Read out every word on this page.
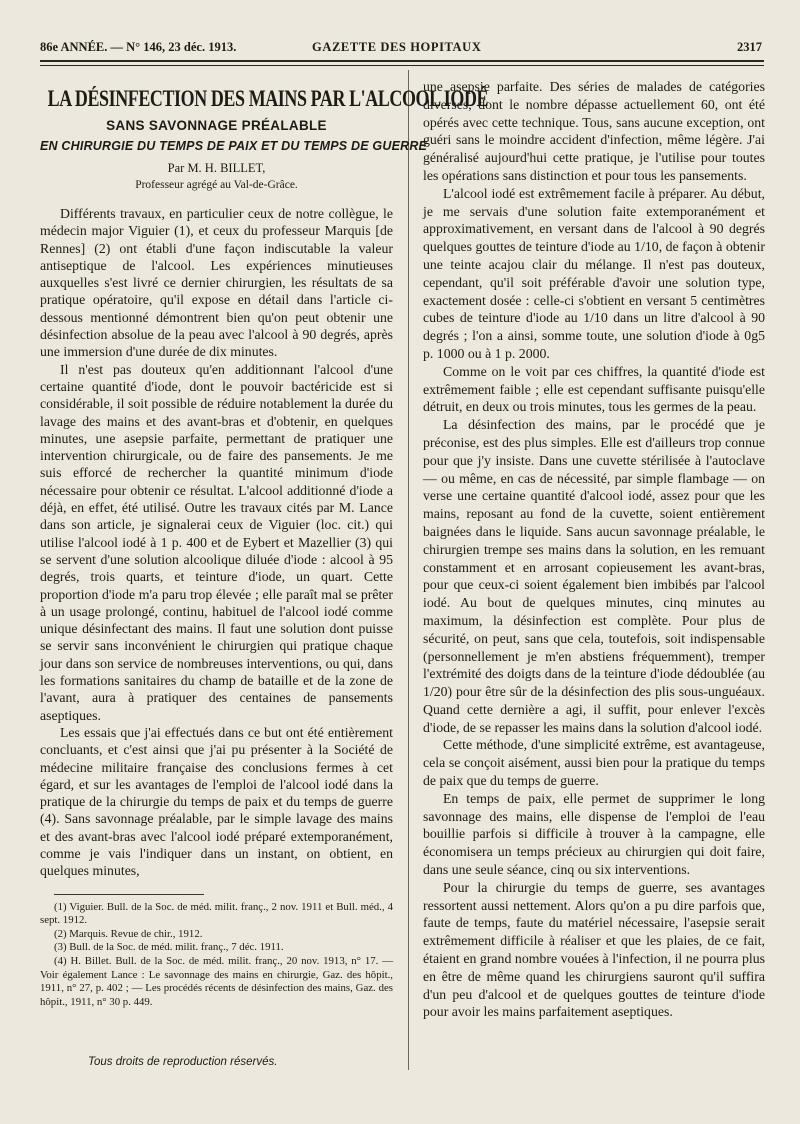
86e ANNÉE. — N° 146, 23 déc. 1913.	GAZETTE DES HOPITAUX	2317
LA DÉSINFECTION DES MAINS PAR L'ALCOOL IODÉ
SANS SAVONNAGE PRÉALABLE
EN CHIRURGIE DU TEMPS DE PAIX ET DU TEMPS DE GUERRE
Par M. H. BILLET,
Professeur agrégé au Val-de-Grâce.

Différents travaux, en particulier ceux de notre collègue, le médecin major Viguier (1), et ceux du professeur Marquis [de Rennes] (2) ont établi d'une façon indiscutable la valeur antiseptique de l'alcool. Les expériences minutieuses auxquelles s'est livré ce dernier chirurgien, les résultats de sa pratique opératoire, qu'il expose en détail dans l'article ci-dessous mentionné démontrent bien qu'on peut obtenir une désinfection absolue de la peau avec l'alcool à 90 degrés, après une immersion d'une durée de dix minutes.

Il n'est pas douteux qu'en additionnant l'alcool d'une certaine quantité d'iode, dont le pouvoir bactéricide est si considérable, il soit possible de réduire notablement la durée du lavage des mains et des avant-bras et d'obtenir, en quelques minutes, une asepsie parfaite, permettant de pratiquer une intervention chirurgicale, ou de faire des pansements. Je me suis efforcé de rechercher la quantité minimum d'iode nécessaire pour obtenir ce résultat. L'alcool additionné d'iode a déjà, en effet, été utilisé. Outre les travaux cités par M. Lance dans son article, je signalerai ceux de Viguier (loc. cit.) qui utilise l'alcool iodé à 1 p. 400 et de Eybert et Mazellier (3) qui se servent d'une solution alcoolique diluée d'iode : alcool à 95 degrés, trois quarts, et teinture d'iode, un quart. Cette proportion d'iode m'a paru trop élevée ; elle paraît mal se prêter à un usage prolongé, continu, habituel de l'alcool iodé comme unique désinfectant des mains. Il faut une solution dont puisse se servir sans inconvénient le chirurgien qui pratique chaque jour dans son service de nombreuses interventions, ou qui, dans les formations sanitaires du champ de bataille et de la zone de l'avant, aura à pratiquer des centaines de pansements aseptiques.

Les essais que j'ai effectués dans ce but ont été entièrement concluants, et c'est ainsi que j'ai pu présenter à la Société de médecine militaire française des conclusions fermes à cet égard, et sur les avantages de l'emploi de l'alcool iodé dans la pratique de la chirurgie du temps de paix et du temps de guerre (4). Sans savonnage préalable, par le simple lavage des mains et des avant-bras avec l'alcool iodé préparé extemporanément, comme je vais l'indiquer dans un instant, on obtient, en quelques minutes,

(1) Viguier. Bull. de la Soc. de méd. milit. franç., 2 nov. 1911 et Bull. méd., 4 sept. 1912.

(2) Marquis. Revue de chir., 1912.

(3) Bull. de la Soc. de méd. milit. franç., 7 déc. 1911.

(4) H. Billet. Bull. de la Soc. de méd. milit. franç., 20 nov. 1913, n° 17. — Voir également Lance : Le savonnage des mains en chirurgie, Gaz. des hôpit., 1911, n° 27, p. 402 ; — Les procédés récents de désinfection des mains, Gaz. des hôpit., 1911, n° 30 p. 449.

une asepsie parfaite. Des séries de malades de catégories diverses, dont le nombre dépasse actuellement 60, ont été opérés avec cette technique. Tous, sans aucune exception, ont guéri sans le moindre accident d'infection, même légère. J'ai généralisé aujourd'hui cette pratique, je l'utilise pour toutes les opérations sans distinction et pour tous les pansements.

L'alcool iodé est extrêmement facile à préparer. Au début, je me servais d'une solution faite extemporanément et approximativement, en versant dans de l'alcool à 90 degrés quelques gouttes de teinture d'iode au 1/10, de façon à obtenir une teinte acajou clair du mélange. Il n'est pas douteux, cependant, qu'il soit préférable d'avoir une solution type, exactement dosée : celle-ci s'obtient en versant 5 centimètres cubes de teinture d'iode au 1/10 dans un litre d'alcool à 90 degrés ; l'on a ainsi, somme toute, une solution d'iode à 0g5 p. 1000 ou à 1 p. 2000.

Comme on le voit par ces chiffres, la quantité d'iode est extrêmement faible ; elle est cependant suffisante puisqu'elle détruit, en deux ou trois minutes, tous les germes de la peau.

La désinfection des mains, par le procédé que je préconise, est des plus simples. Elle est d'ailleurs trop connue pour que j'y insiste. Dans une cuvette stérilisée à l'autoclave — ou même, en cas de nécessité, par simple flambage — on verse une certaine quantité d'alcool iodé, assez pour que les mains, reposant au fond de la cuvette, soient entièrement baignées dans le liquide. Sans aucun savonnage préalable, le chirurgien trempe ses mains dans la solution, en les remuant constamment et en arrosant copieusement les avant-bras, pour que ceux-ci soient également bien imbibés par l'alcool iodé. Au bout de quelques minutes, cinq minutes au maximum, la désinfection est complète. Pour plus de sécurité, on peut, sans que cela, toutefois, soit indispensable (personnellement je m'en abstiens fréquemment), tremper l'extrémité des doigts dans de la teinture d'iode dédoublée (au 1/20) pour être sûr de la désinfection des plis sous-unguéaux. Quand cette dernière a agi, il suffit, pour enlever l'excès d'iode, de se repasser les mains dans la solution d'alcool iodé.

Cette méthode, d'une simplicité extrême, est avantageuse, cela se conçoit aisément, aussi bien pour la pratique du temps de paix que du temps de guerre.

En temps de paix, elle permet de supprimer le long savonnage des mains, elle dispense de l'emploi de l'eau bouillie parfois si difficile à trouver à la campagne, elle économisera un temps précieux au chirurgien qui doit faire, dans une seule séance, cinq ou six interventions.

Pour la chirurgie du temps de guerre, ses avantages ressortent aussi nettement. Alors qu'on a pu dire parfois que, faute de temps, faute du matériel nécessaire, l'asepsie serait extrêmement difficile à réaliser et que les plaies, de ce fait, étaient en grand nombre vouées à l'infection, il ne pourra plus en être de même quand les chirurgiens sauront qu'il suffira d'un peu d'alcool et de quelques gouttes de teinture d'iode pour avoir les mains parfaitement aseptiques.

Tous droits de reproduction réservés.
